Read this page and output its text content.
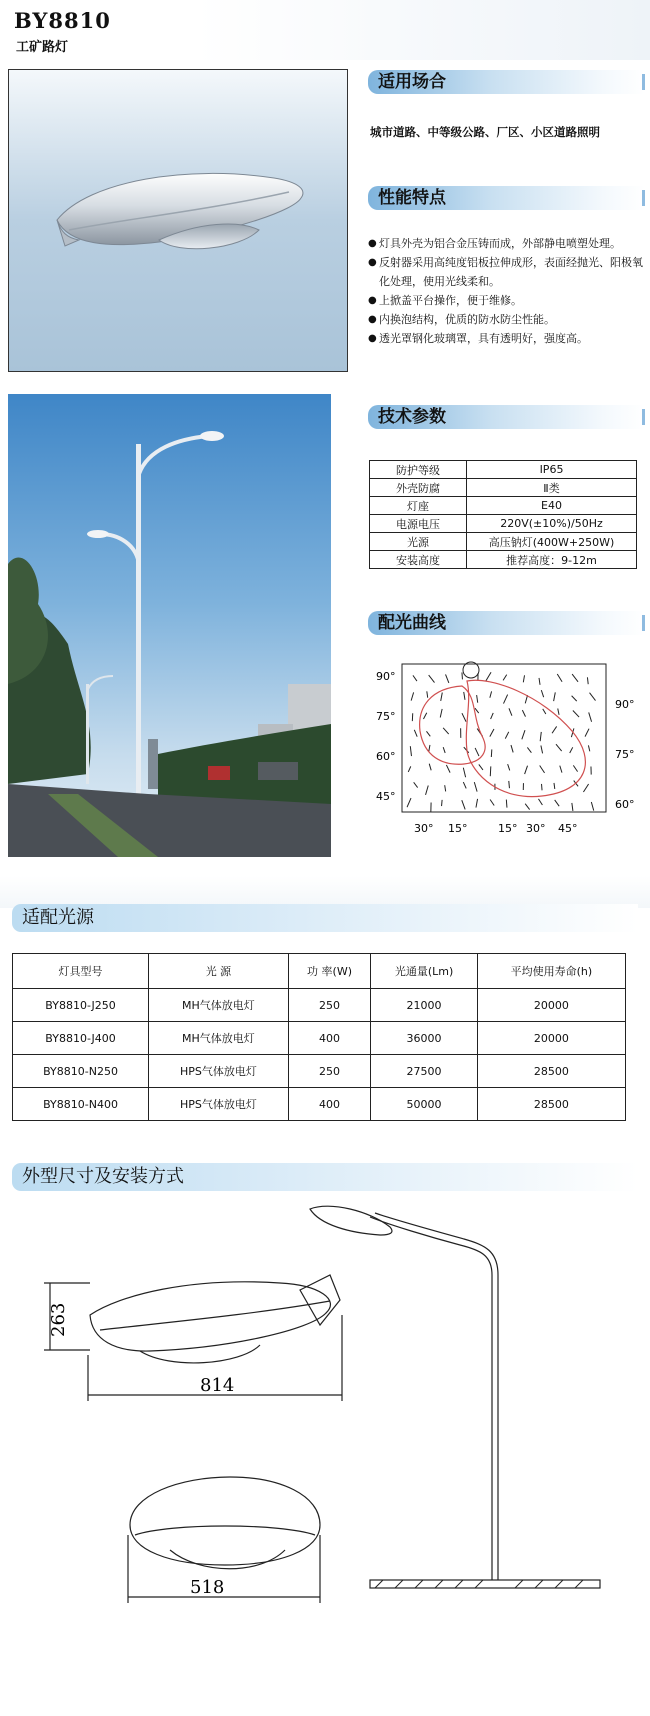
BY8810
工矿路灯
适用场合
城市道路、中等级公路、厂区、小区道路照明
性能特点
● 灯具外壳为铝合金压铸而成，外部静电喷塑处理。
● 反射器采用高纯度铝板拉伸成形，表面经抛光、阳极氧化处理，使用光线柔和。
● 上掀盖平台操作，便于维修。
● 内换泡结构，优质的防水防尘性能。
● 透光罩钢化玻璃罩，具有透明好，强度高。
技术参数
防护等级	IP65
外壳防腐	Ⅱ类
灯座	E40
电源电压	220V(±10%)/50Hz
光源	高压钠灯(400W+250W)
安装高度	推荐高度：9-12m
配光曲线
90°
75°
60°
45°
90°
75°
60°
30° 15°	15° 30° 45°
适配光源
灯具型号	光 源	功 率(W)	光通量(Lm)	平均使用寿命(h)
BY8810-J250	MH气体放电灯	250	21000	20000
BY8810-J400	MH气体放电灯	400	36000	20000
BY8810-N250	HPS气体放电灯	250	27500	28500
BY8810-N400	HPS气体放电灯	400	50000	28500
外型尺寸及安装方式
263
814
518
